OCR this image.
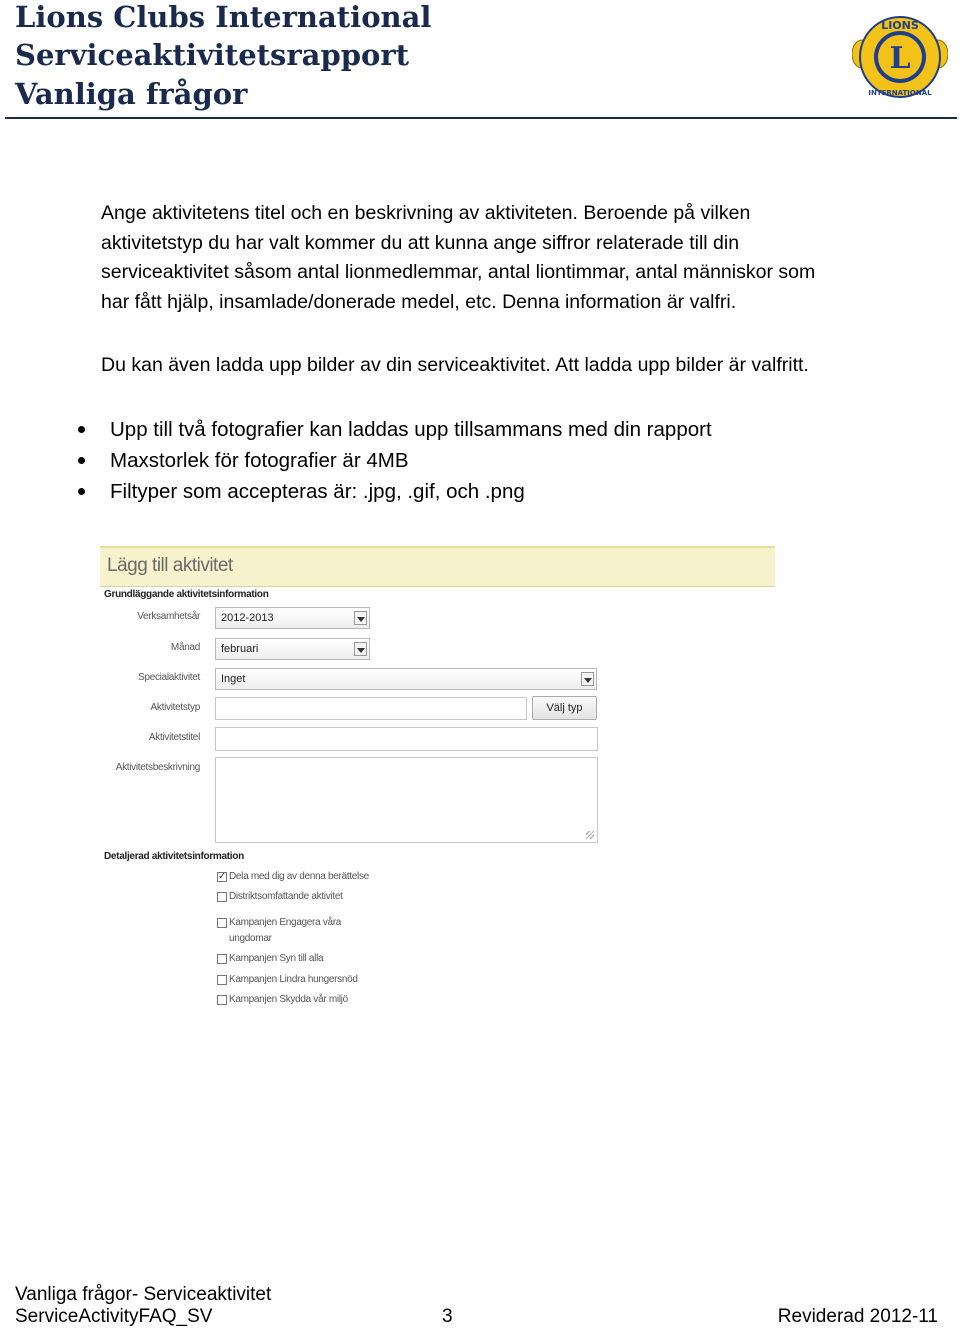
Lions Clubs International
Serviceaktivitetsrapport
Vanliga frågor
L
LIONS
INTERNATIONAL
Ange aktivitetens titel och en beskrivning av aktiviteten. Beroende på vilken
aktivitetstyp du har valt kommer du att kunna ange siffror relaterade till din
serviceaktivitet såsom antal lionmedlemmar, antal liontimmar, antal människor som
har fått hjälp, insamlade/donerade medel, etc. Denna information är valfri.
Du kan även ladda upp bilder av din serviceaktivitet. Att ladda upp bilder är valfritt.
Upp till två fotografier kan laddas upp tillsammans med din rapport
Maxstorlek för fotografier är 4MB
Filtyper som accepteras är: .jpg, .gif, och .png
Lägg till aktivitet
Grundläggande aktivitetsinformation
Verksamhetsår	2012-2013
Månad	februari
Specialaktivitet	Inget
Aktivitetstyp	Välj typ
Aktivitetstitel
Aktivitetsbeskrivning
Detaljerad aktivitetsinformation
✓
Dela med dig av denna berättelse
Distriktsomfattande aktivitet
Kampanjen Engagera våra
ungdomar
Kampanjen Syn till alla
Kampanjen Lindra hungersnöd
Kampanjen Skydda vår miljö
Vanliga frågor- Serviceaktivitet
ServiceActivityFAQ_SV	3	Reviderad 2012-11
